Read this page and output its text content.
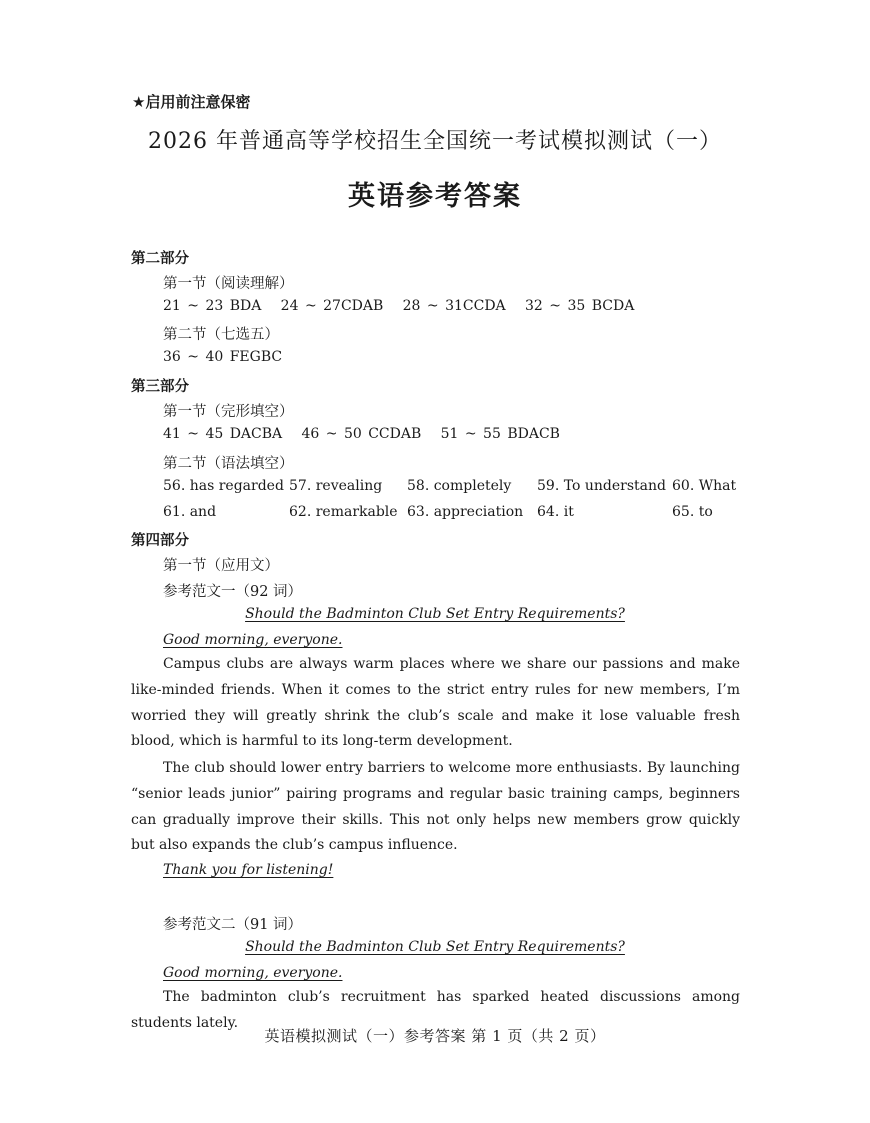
★启用前注意保密
2026 年普通高等学校招生全国统一考试模拟测试（一）
英语参考答案
第二部分
第一节（阅读理解）
21 ~ 23 BDA   24 ~ 27CDAB   28 ~ 31CCDA   32 ~ 35 BCDA
第二节（七选五）
36 ~ 40 FEGBC
第三部分
第一节（完形填空）
41 ~ 45 DACBA   46 ~ 50 CCDAB   51 ~ 55 BDACB
第二节（语法填空）
56. has regarded 57. revealing 58. completely 59. To understand 60. What
61. and	62. remarkable 63. appreciation 64. it	65. to
第四部分
第一节（应用文）
参考范文一（92 词）
Should the Badminton Club Set Entry Requirements?
Good morning, everyone.
Campus clubs are always warm places where we share our passions and make like-minded friends. When it comes to the strict entry rules for new members, I’m worried they will greatly shrink the club’s scale and make it lose valuable fresh blood, which is harmful to its long-term development.
The club should lower entry barriers to welcome more enthusiasts. By launching “senior leads junior” pairing programs and regular basic training camps, beginners can gradually improve their skills. This not only helps new members grow quickly but also expands the club’s campus influence.
Thank you for listening!
参考范文二（91 词）
Should the Badminton Club Set Entry Requirements?
Good morning, everyone.
The badminton club’s recruitment has sparked heated discussions among students lately.
英语模拟测试（一）参考答案 第 1 页（共 2 页）
